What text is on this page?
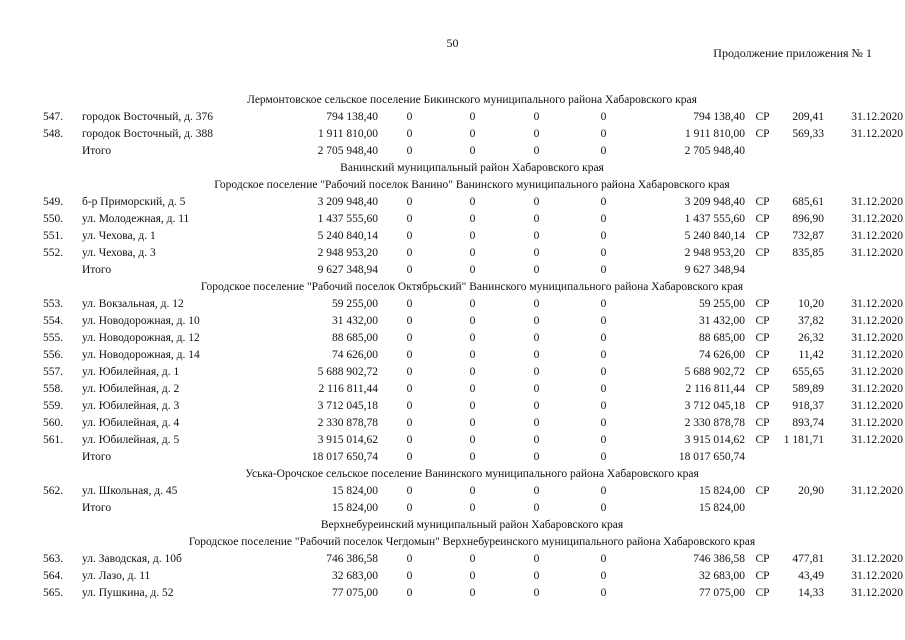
50
Продолжение приложения № 1
Лермонтовское сельское поселение Бикинского муниципального района Хабаровского края										
547.	городок Восточный, д. 376	794 138,40	0	0	0	0	794 138,40	СР	209,41	31.12.2020
548.	городок Восточный, д. 388	1 911 810,00	0	0	0	0	1 911 810,00	СР	569,33	31.12.2020
	Итого	2 705 948,40	0	0	0	0	2 705 948,40			
Ванинский муниципальный район Хабаровского края										
Городское поселение "Рабочий поселок Ванино" Ванинского муниципального района Хабаровского края										
549.	б-р Приморский, д. 5	3 209 948,40	0	0	0	0	3 209 948,40	СР	685,61	31.12.2020
550.	ул. Молодежная, д. 11	1 437 555,60	0	0	0	0	1 437 555,60	СР	896,90	31.12.2020
551.	ул. Чехова, д. 1	5 240 840,14	0	0	0	0	5 240 840,14	СР	732,87	31.12.2020
552.	ул. Чехова, д. 3	2 948 953,20	0	0	0	0	2 948 953,20	СР	835,85	31.12.2020
	Итого	9 627 348,94	0	0	0	0	9 627 348,94			
Городское поселение "Рабочий поселок Октябрьский" Ванинского муниципального района Хабаровского края										
553.	ул. Вокзальная, д. 12	59 255,00	0	0	0	0	59 255,00	СР	10,20	31.12.2020
554.	ул. Новодорожная, д. 10	31 432,00	0	0	0	0	31 432,00	СР	37,82	31.12.2020
555.	ул. Новодорожная, д. 12	88 685,00	0	0	0	0	88 685,00	СР	26,32	31.12.2020
556.	ул. Новодорожная, д. 14	74 626,00	0	0	0	0	74 626,00	СР	11,42	31.12.2020
557.	ул. Юбилейная, д. 1	5 688 902,72	0	0	0	0	5 688 902,72	СР	655,65	31.12.2020
558.	ул. Юбилейная, д. 2	2 116 811,44	0	0	0	0	2 116 811,44	СР	589,89	31.12.2020
559.	ул. Юбилейная, д. 3	3 712 045,18	0	0	0	0	3 712 045,18	СР	918,37	31.12.2020
560.	ул. Юбилейная, д. 4	2 330 878,78	0	0	0	0	2 330 878,78	СР	893,74	31.12.2020
561.	ул. Юбилейная, д. 5	3 915 014,62	0	0	0	0	3 915 014,62	СР	1 181,71	31.12.2020
	Итого	18 017 650,74	0	0	0	0	18 017 650,74			
Уська-Орочское сельское поселение Ванинского муниципального района Хабаровского края										
562.	ул. Школьная, д. 45	15 824,00	0	0	0	0	15 824,00	СР	20,90	31.12.2020
	Итого	15 824,00	0	0	0	0	15 824,00			
Верхнебуреинский муниципальный район Хабаровского края										
Городское поселение "Рабочий поселок Чегдомын" Верхнебуреинского муниципального района Хабаровского края										
563.	ул. Заводская, д. 10б	746 386,58	0	0	0	0	746 386,58	СР	477,81	31.12.2020
564.	ул. Лазо, д. 11	32 683,00	0	0	0	0	32 683,00	СР	43,49	31.12.2020
565.	ул. Пушкина, д. 52	77 075,00	0	0	0	0	77 075,00	СР	14,33	31.12.2020
